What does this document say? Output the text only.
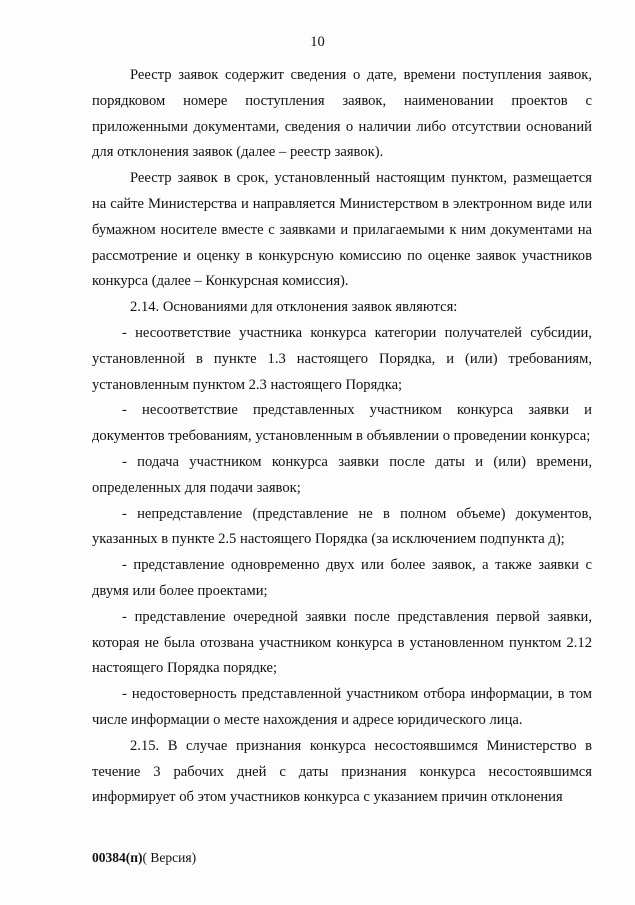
10

Реестр заявок содержит сведения о дате, времени поступления заявок, порядковом номере поступления заявок, наименовании проектов с приложенными документами, сведения о наличии либо отсутствии оснований для отклонения заявок (далее – реестр заявок).

Реестр заявок в срок, установленный настоящим пунктом, размещается на сайте Министерства и направляется Министерством в электронном виде или бумажном носителе вместе с заявками и прилагаемыми к ним документами на рассмотрение и оценку в конкурсную комиссию по оценке заявок участников конкурса (далее – Конкурсная комиссия).

2.14. Основаниями для отклонения заявок являются:

- несоответствие участника конкурса категории получателей субсидии, установленной в пункте 1.3 настоящего Порядка, и (или) требованиям, установленным пунктом 2.3 настоящего Порядка;

- несоответствие представленных участником конкурса заявки и документов требованиям, установленным в объявлении о проведении конкурса;

- подача участником конкурса заявки после даты и (или) времени, определенных для подачи заявок;

- непредставление (представление не в полном объеме) документов, указанных в пункте 2.5 настоящего Порядка (за исключением подпункта д);

- представление одновременно двух или более заявок, а также заявки с двумя или более проектами;

- представление очередной заявки после представления первой заявки, которая не была отозвана участником конкурса в установленном пунктом 2.12 настоящего Порядка порядке;

- недостоверность представленной участником отбора информации, в том числе информации о месте нахождения и адресе юридического лица.

2.15. В случае признания конкурса несостоявшимся Министерство в течение 3 рабочих дней с даты признания конкурса несостоявшимся информирует об этом участников конкурса с указанием причин отклонения

00384(п)( Версия)
